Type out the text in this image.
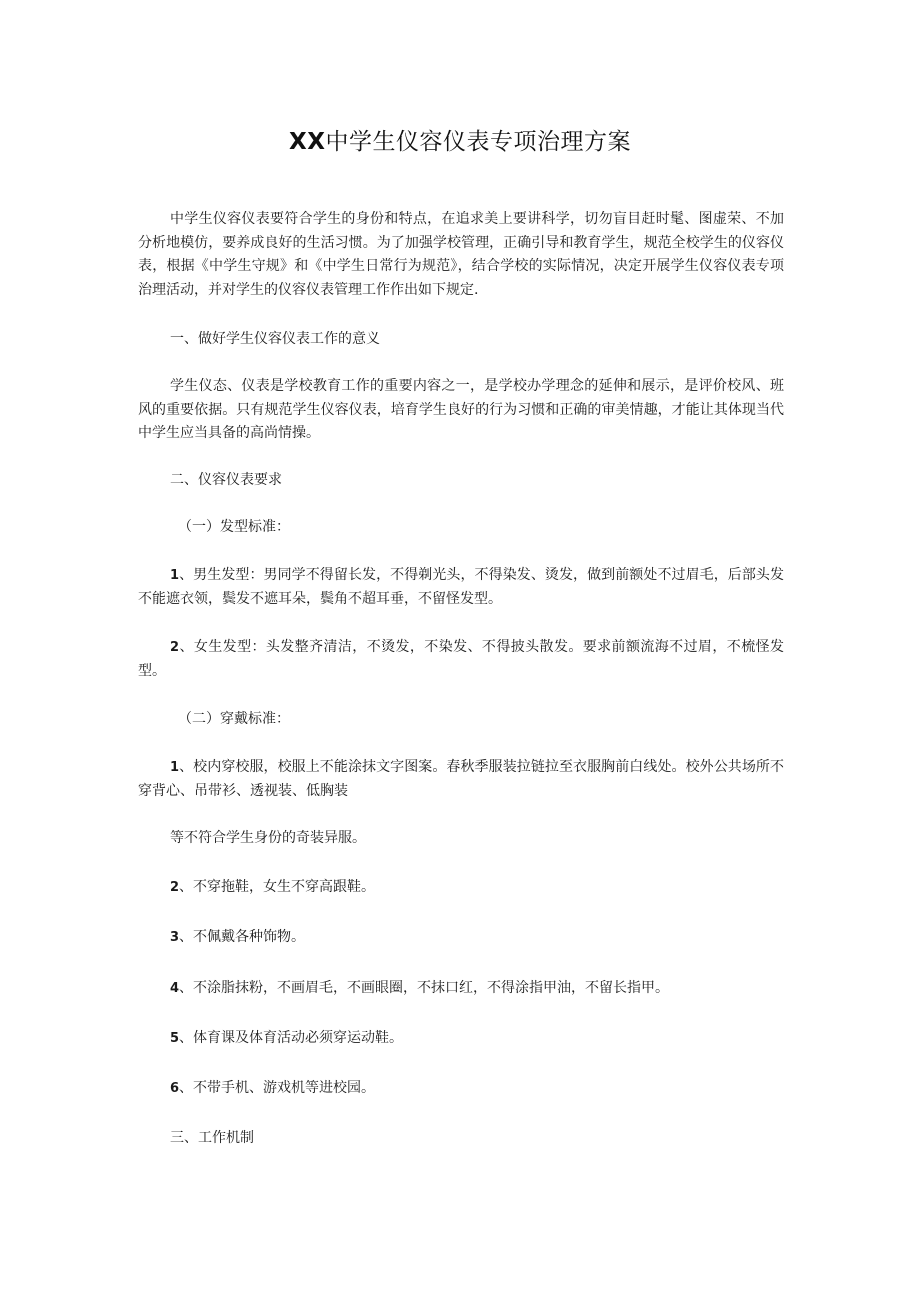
XX中学生仪容仪表专项治理方案

中学生仪容仪表要符合学生的身份和特点，在追求美上要讲科学，切勿盲目赶时髦、图虚荣、不加分析地模仿，要养成良好的生活习惯。为了加强学校管理，正确引导和教育学生，规范全校学生的仪容仪表，根据《中学生守规》和《中学生日常行为规范》，结合学校的实际情况，决定开展学生仪容仪表专项治理活动，并对学生的仪容仪表管理工作作出如下规定.

一、做好学生仪容仪表工作的意义

学生仪态、仪表是学校教育工作的重要内容之一，是学校办学理念的延伸和展示，是评价校风、班风的重要依据。只有规范学生仪容仪表，培育学生良好的行为习惯和正确的审美情趣，才能让其体现当代中学生应当具备的高尚情操。

二、仪容仪表要求

（一）发型标准：

1、男生发型：男同学不得留长发，不得剃光头，不得染发、烫发，做到前额处不过眉毛，后部头发不能遮衣领，鬓发不遮耳朵，鬓角不超耳垂，不留怪发型。

2、女生发型：头发整齐清洁，不烫发，不染发、不得披头散发。要求前额流海不过眉，不梳怪发型。

（二）穿戴标准：

1、校内穿校服，校服上不能涂抹文字图案。春秋季服装拉链拉至衣服胸前白线处。校外公共场所不穿背心、吊带衫、透视装、低胸装

等不符合学生身份的奇装异服。

2、不穿拖鞋，女生不穿高跟鞋。

3、不佩戴各种饰物。

4、不涂脂抹粉，不画眉毛，不画眼圈，不抹口红，不得涂指甲油，不留长指甲。

5、体育课及体育活动必须穿运动鞋。

6、不带手机、游戏机等进校园。

三、工作机制
